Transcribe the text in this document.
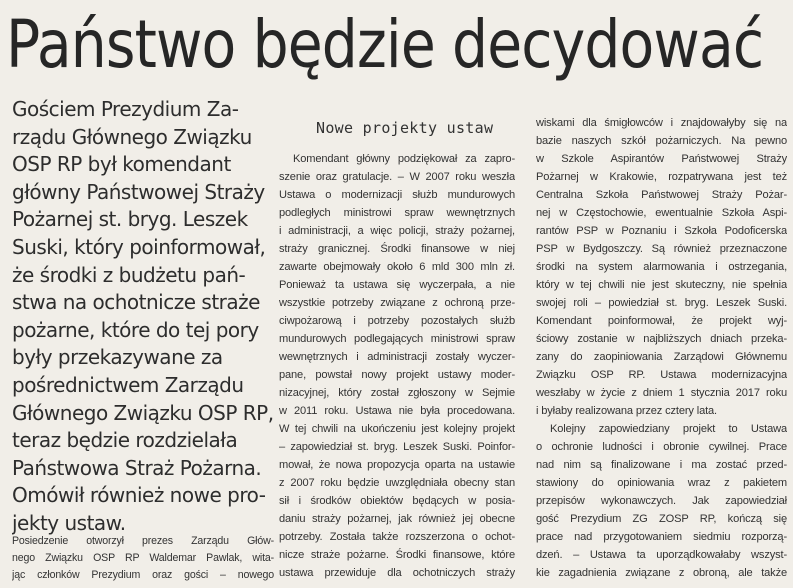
Państwo będzie decydować
Gościem Prezydium Za-
rządu Głównego Związku
OSP RP był komendant
główny Państwowej Straży
Pożarnej st. bryg. Leszek
Suski, który poinformował,
że środki z budżetu pań-
stwa na ochotnicze straże
pożarne, które do tej pory
były przekazywane za
pośrednictwem Zarządu
Głównego Związku OSP RP,
teraz będzie rozdzielała
Państwowa Straż Pożarna.
Omówił również nowe pro-
jekty ustaw.
Posiedzenie otworzył prezes Zarządu Głów-
nego Związku OSP RP Waldemar Pawlak, wita-
jąc członków Prezydium oraz gości – nowego
Nowe projekty ustaw
Komendant główny podziękował za zapro-
szenie oraz gratulacje. – W 2007 roku weszła
Ustawa o modernizacji służb mundurowych
podległych ministrowi spraw wewnętrznych
i administracji, a więc policji, straży pożarnej,
straży granicznej. Środki finansowe w niej
zawarte obejmowały około 6 mld 300 mln zł.
Ponieważ ta ustawa się wyczerpała, a nie
wszystkie potrzeby związane z ochroną prze-
ciwpożarową i potrzeby pozostałych służb
mundurowych podlegających ministrowi spraw
wewnętrznych i administracji zostały wyczer-
pane, powstał nowy projekt ustawy moder-
nizacyjnej, który został zgłoszony w Sejmie
w 2011 roku. Ustawa nie była procedowana.
W tej chwili na ukończeniu jest kolejny projekt
– zapowiedział st. bryg. Leszek Suski. Poinfor-
mował, że nowa propozycja oparta na ustawie
z 2007 roku będzie uwzględniała obecny stan
sił i środków obiektów będących w posia-
daniu straży pożarnej, jak również jej obecne
potrzeby. Została także rozszerzona o ochot-
nicze straże pożarne. Środki finansowe, które
ustawa przewiduje dla ochotniczych straży
wiskami dla śmigłowców i znajdowałyby się na
bazie naszych szkół pożarniczych. Na pewno
w Szkole Aspirantów Państwowej Straży
Pożarnej w Krakowie, rozpatrywana jest też
Centralna Szkoła Państwowej Straży Pożar-
nej w Częstochowie, ewentualnie Szkoła Aspi-
rantów PSP w Poznaniu i Szkoła Podoficerska
PSP w Bydgoszczy. Są również przeznaczone
środki na system alarmowania i ostrzegania,
który w tej chwili nie jest skuteczny, nie spełnia
swojej roli – powiedział st. bryg. Leszek Suski.
Komendant poinformował, że projekt wyj-
ściowy zostanie w najbliższych dniach przeka-
zany do zaopiniowania Zarządowi Głównemu
Związku OSP RP. Ustawa modernizacyjna
weszłaby w życie z dniem 1 stycznia 2017 roku
i byłaby realizowana przez cztery lata.
Kolejny zapowiedziany projekt to Ustawa
o ochronie ludności i obronie cywilnej. Prace
nad nim są finalizowane i ma zostać przed-
stawiony do opiniowania wraz z pakietem
przepisów wykonawczych. Jak zapowiedział
gość Prezydium ZG ZOSP RP, kończą się
prace nad przygotowaniem siedmiu rozporzą-
dzeń. – Ustawa ta uporządkowałaby wszyst-
kie zagadnienia związane z obroną, ale także
